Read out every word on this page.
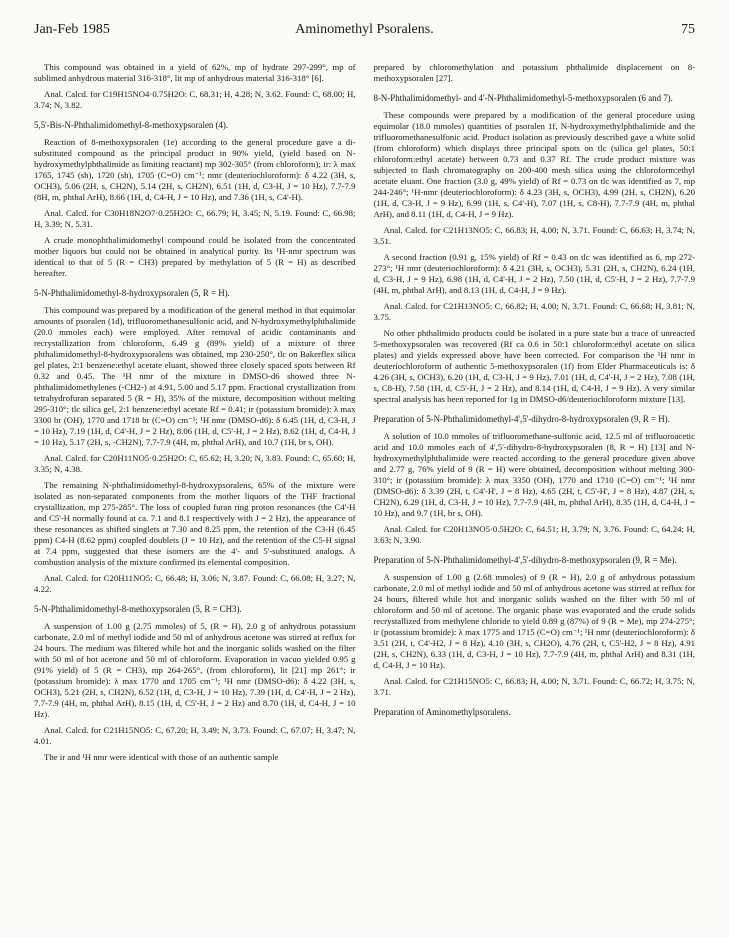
Jan-Feb 1985	Aminomethyl Psoralens.	75

This compound was obtained in a yield of 62%, mp of hydrate 297-299°, mp of sublimed anhydrous material 316-318°, lit mp of anhydrous material 316-318° [6].

Anal. Calcd. for C19H15NO4·0.75H2O: C, 68.31; H, 4.28; N, 3.62. Found: C, 68.00; H, 3.74; N, 3.82.

5,5'-Bis-N-Phthalimidomethyl-8-methoxypsoralen (4).

Reaction of 8-methoxypsoralen (1e) according to the general procedure gave a di-substituted compound as the principal product in 90% yield, (yield based on N-hydroxymethylphthalimide as limiting reactant) mp 302-305° (from chloroform); ir: λ max 1765, 1745 (sh), 1720 (sh), 1705 (C=O) cm⁻¹; nmr (deuteriochloroform): δ 4.22 (3H, s, OCH3), 5.06 (2H, s, CH2N), 5.14 (2H, s, CH2N), 6.51 (1H, d, C3-H, J = 10 Hz), 7.7-7.9 (8H, m, phthal ArH), 8.66 (1H, d, C4-H, J = 10 Hz), and 7.36 (1H, s, C4'-H).

Anal. Calcd. for C30H18N2O7·0.25H2O: C, 66.79; H, 3.45; N, 5.19. Found: C, 66.98; H, 3.39; N, 5.31.

A crude monophthalimidomethyl compound could be isolated from the concentrated mother liquors but could not be obtained in analytical purity. Its ¹H-nmr spectrum was identical to that of 5 (R = CH3) prepared by methylation of 5 (R = H) as described hereafter.

5-N-Phthalimidomethyl-8-hydroxypsoralen (5, R = H).

This compound was prepared by a modification of the general method in that equimolar amounts of psoralen (1d), trifluoromethanesulfonic acid, and N-hydroxymethylphthalimide (20.0 mmoles each) were employed. After removal of acidic contaminants and recrystallization from chloroform, 6.49 g (89% yield) of a mixture of three phthalimidomethyl-8-hydroxypsoralens was obtained, mp 230-250°, tlc on Bakerflex silica gel plates, 2:1 benzene:ethyl acetate eluant, showed three closely spaced spots between Rf 0.32 and 0.45. The ¹H nmr of the mixture in DMSO-d6 showed three N-phthalimidomethylenes (-CH2-) at 4.91, 5.00 and 5.17 ppm. Fractional crystallization from tetrahydrofuran separated 5 (R = H), 35% of the mixture, decomposition without melting 295-310°; tlc silica gel, 2:1 benzene:ethyl acetate Rf = 0.41; ir (potassium bromide): λ max 3300 br (OH), 1770 and 1718 br (C=O) cm⁻¹; ¹H nmr (DMSO-d6): δ 6.45 (1H, d, C3-H, J = 10 Hz), 7.19 (1H, d, C4'-H, J = 2 Hz), 8.06 (1H, d, C5'-H, J = 2 Hz), 8.62 (1H, d, C4-H, J = 10 Hz), 5.17 (2H, s, -CH2N), 7.7-7.9 (4H, m, phthal ArH), and 10.7 (1H, br s, OH).

Anal. Calcd. for C20H11NO5·0.25H2O: C, 65.62; H, 3.20; N, 3.83. Found: C, 65.60; H, 3.35; N, 4.38.

The remaining N-phthalimidomethyl-8-hydroxypsoralens, 65% of the mixture were isolated as non-separated components from the mother liquors of the THF fractional crystallization, mp 275-285°. The loss of coupled furan ring proton resonances (the C4'-H and C5'-H normally found at ca. 7.1 and 8.1 respectively with J = 2 Hz), the appearance of these resonances as shifted singlets at 7.30 and 8.25 ppm, the retention of the C3-H (6.45 ppm) C4-H (8.62 ppm) coupled doublets (J = 10 Hz), and the retention of the C5-H signal at 7.4 ppm, suggested that these isomers are the 4'- and 5'-substituted analogs. A combustion analysis of the mixture confirmed its elemental composition.

Anal. Calcd. for C20H11NO5: C, 66.48; H, 3.06; N, 3.87. Found: C, 66.08; H, 3.27; N, 4.22.

5-N-Phthalimidomethyl-8-methoxypsoralen (5, R = CH3).

A suspension of 1.00 g (2.75 mmoles) of 5, (R = H), 2.0 g of anhydrous potassium carbonate, 2.0 ml of methyl iodide and 50 ml of anhydrous acetone was stirred at reflux for 24 hours. The medium was filtered while hot and the inorganic solids washed on the filter with 50 ml of hot acetone and 50 ml of chloroform. Evaporation in vacuo yielded 0.95 g (91% yield) of 5 (R = CH3), mp 264-265°, (from chloroform), lit [21] mp 261°; ir (potassium bromide): λ max 1770 and 1705 cm⁻¹; ¹H nmr (DMSO-d6): δ 4.22 (3H, s, OCH3), 5.21 (2H, s, CH2N), 6.52 (1H, d, C3-H, J = 10 Hz), 7.39 (1H, d, C4'-H, J = 2 Hz), 7.7-7.9 (4H, m, phthal ArH), 8.15 (1H, d, C5'-H, J = 2 Hz) and 8.70 (1H, d, C4-H, J = 10 Hz).

Anal. Calcd. for C21H15NO5: C, 67.20; H, 3.49; N, 3.73. Found: C, 67.07; H, 3.47; N, 4.01.

The ir and ¹H nmr were identical with those of an authentic sample

prepared by chloromethylation and potassium phthalimide displacement on 8-methoxypsoralen [27].

8-N-Phthalimidomethyl- and 4'-N-Phthalimidomethyl-5-methoxypsoralen (6 and 7).

These compounds were prepared by a modification of the general procedure using equimolar (18.0 mmoles) quantities of psoralen 1f, N-hydroxymethylphthalimide and the trifluoromethanesulfonic acid. Product isolation as previously described gave a white solid (from chloroform) which displays three principal spots on tlc (silica gel plates, 50:1 chloroform:ethyl acetate) between 0.73 and 0.37 Rf. The crude product mixture was subjected to flash chromatography on 200-400 mesh silica using the chloroform:ethyl acetate eluant. One fraction (3.0 g, 49% yield) of Rf = 0.73 on tlc was identified as 7, mp 244-246°; ¹H-nmr (deuteriochloroform): δ 4.23 (3H, s, OCH3), 4.99 (2H, s, CH2N), 6.20 (1H, d, C3-H, J = 9 Hz), 6.99 (1H, s, C4'-H), 7.07 (1H, s, C8-H), 7.7-7.9 (4H, m, phthal ArH), and 8.11 (1H, d, C4-H, J = 9 Hz).

Anal. Calcd. for C21H13NO5: C, 66.83; H, 4.00; N, 3.71. Found: C, 66.63; H, 3.74; N, 3.51.

A second fraction (0.91 g, 15% yield) of Rf = 0.43 on tlc was identified as 6, mp 272-273°; ¹H nmr (deuteriochloroform): δ 4.21 (3H, s, OCH3), 5.31 (2H, s, CH2N), 6.24 (1H, d, C3-H, J = 9 Hz), 6.98 (1H, d, C4'-H, J = 2 Hz), 7.50 (1H, d, C5'-H, J = 2 Hz), 7.7-7.9 (4H, m, phthal ArH), and 8.13 (1H, d, C4-H, J = 9 Hz).

Anal. Calcd. for C21H13NO5: C, 66.82; H, 4.00; N, 3.71. Found: C, 66.68; H, 3.81; N, 3.75.

No other phthalimido products could be isolated in a pure state but a trace of unreacted 5-methoxypsoralen was recovered (Rf ca 0.6 in 50:1 chloroform:ethyl acetate on silica plates) and yields expressed above have been corrected. For comparison the ¹H nmr in deuteriochloroform of authentic 5-methoxypsoralen (1f) from Elder Pharmaceuticals is: δ 4.26 (3H, s, OCH3), 6.20 (1H, d, C3-H, J = 9 Hz), 7.01 (1H, d, C4'-H, J = 2 Hz), 7.08 (1H, s, C8-H), 7.58 (1H, d, C5'-H, J = 2 Hz), and 8.14 (1H, d, C4-H, J = 9 Hz). A very similar spectral analysis has been reported for 1g in DMSO-d6/deuteriochloroform mixture [13].

Preparation of 5-N-Phthalimidomethyl-4',5'-dihydro-8-hydroxypsoralen (9, R = H).

A solution of 10.0 mmoles of trifluoromethane-sulfonic acid, 12.5 ml of trifluoroacetic acid and 10.0 mmoles each of 4',5'-dihydro-8-hydroxypsoralen (8, R = H) [13] and N-hydroxymethylphthalimide were reacted according to the general procedure given above and 2.77 g, 76% yield of 9 (R = H) were obtained, decomposition without melting 300-310°; ir (potassium bromide): λ max 3350 (OH), 1770 and 1710 (C=O) cm⁻¹; ¹H nmr (DMSO-d6): δ 3.39 (2H, t, C4'-H', J = 8 Hz), 4.65 (2H, t, C5'-H', J = 8 Hz), 4.87 (2H, s, CH2N), 6.29 (1H, d, C3-H, J = 10 Hz), 7.7-7.9 (4H, m, phthal ArH), 8.35 (1H, d, C4-H, J = 10 Hz), and 9.7 (1H, br s, OH).

Anal. Calcd. for C20H13NO5·0.5H2O: C, 64.51; H, 3.79; N, 3.76. Found: C, 64.24; H, 3.63; N, 3.90.

Preparation of 5-N-Phthalimidomethyl-4',5'-dihydro-8-methoxypsoralen (9, R = Me).

A suspension of 1.00 g (2.68 mmoles) of 9 (R = H), 2.0 g of anhydrous potassium carbonate, 2.0 ml of methyl iodide and 50 ml of anhydrous acetone was stirred at reflux for 24 hours, filtered while hot and inorganic solids washed on the filter with 50 ml of chloroform and 50 ml of acetone. The organic phase was evaporated and the crude solids recrystallized from methylene chloride to yield 0.89 g (87%) of 9 (R = Me), mp 274-275°; ir (potassium bromide): λ max 1775 and 1715 (C=O) cm⁻¹; ¹H nmr (deuteriochloroform): δ 3.51 (2H, t, C4'-H2, J = 8 Hz), 4.10 (3H, s, CH2O), 4.76 (2H, t, C5'-H2, J = 8 Hz), 4.91 (2H, s, CH2N), 6.33 (1H, d, C3-H, J = 10 Hz), 7.7-7.9 (4H, m, phthal ArH) and 8.31 (1H, d, C4-H, J = 10 Hz).

Anal. Calcd. for C21H15NO5: C, 66.83; H, 4.00; N, 3.71. Found: C, 66.72; H, 3.75; N, 3.71.

Preparation of Aminomethylpsoralens.
